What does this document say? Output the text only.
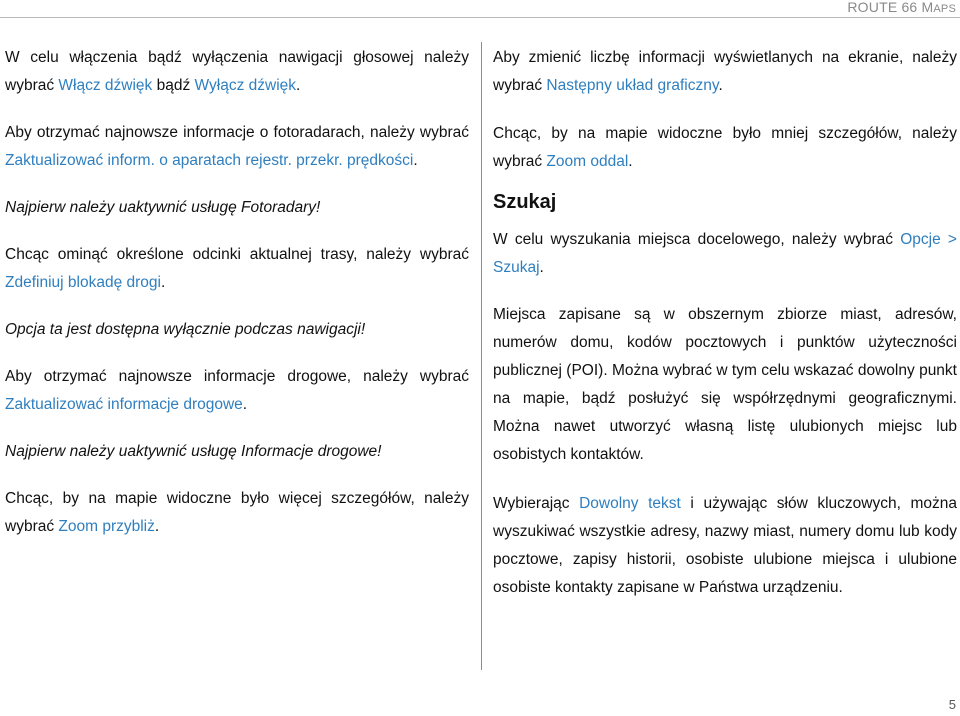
ROUTE 66 MAPS

W celu włączenia bądź wyłączenia nawigacji głosowej należy wybrać Włącz dźwięk bądź Wyłącz dźwięk.

Aby otrzymać najnowsze informacje o fotoradarach, należy wybrać Zaktualizować inform. o aparatach rejestr. przekr. prędkości.

Najpierw należy uaktywnić usługę Fotoradary!

Chcąc ominąć określone odcinki aktualnej trasy, należy wybrać Zdefiniuj blokadę drogi.

Opcja ta jest dostępna wyłącznie podczas nawigacji!

Aby otrzymać najnowsze informacje drogowe, należy wybrać Zaktualizować informacje drogowe.

Najpierw należy uaktywnić usługę Informacje drogowe!

Chcąc, by na mapie widoczne było więcej szczegółów, należy wybrać Zoom przybliż.

Aby zmienić liczbę informacji wyświetlanych na ekranie, należy wybrać Następny układ graficzny.

Chcąc, by na mapie widoczne było mniej szczegółów, należy wybrać Zoom oddal.

Szukaj

W celu wyszukania miejsca docelowego, należy wybrać Opcje > Szukaj.

Miejsca zapisane są w obszernym zbiorze miast, adresów, numerów domu, kodów pocztowych i punktów użyteczności publicznej (POI). Można wybrać w tym celu wskazać dowolny punkt na mapie, bądź posłużyć się współrzędnymi geograficznymi. Można nawet utworzyć własną listę ulubionych miejsc lub osobistych kontaktów.

Wybierając Dowolny tekst i używając słów kluczowych, można wyszukiwać wszystkie adresy, nazwy miast, numery domu lub kody pocztowe, zapisy historii, osobiste ulubione miejsca i ulubione osobiste kontakty zapisane w Państwa urządzeniu.

5
